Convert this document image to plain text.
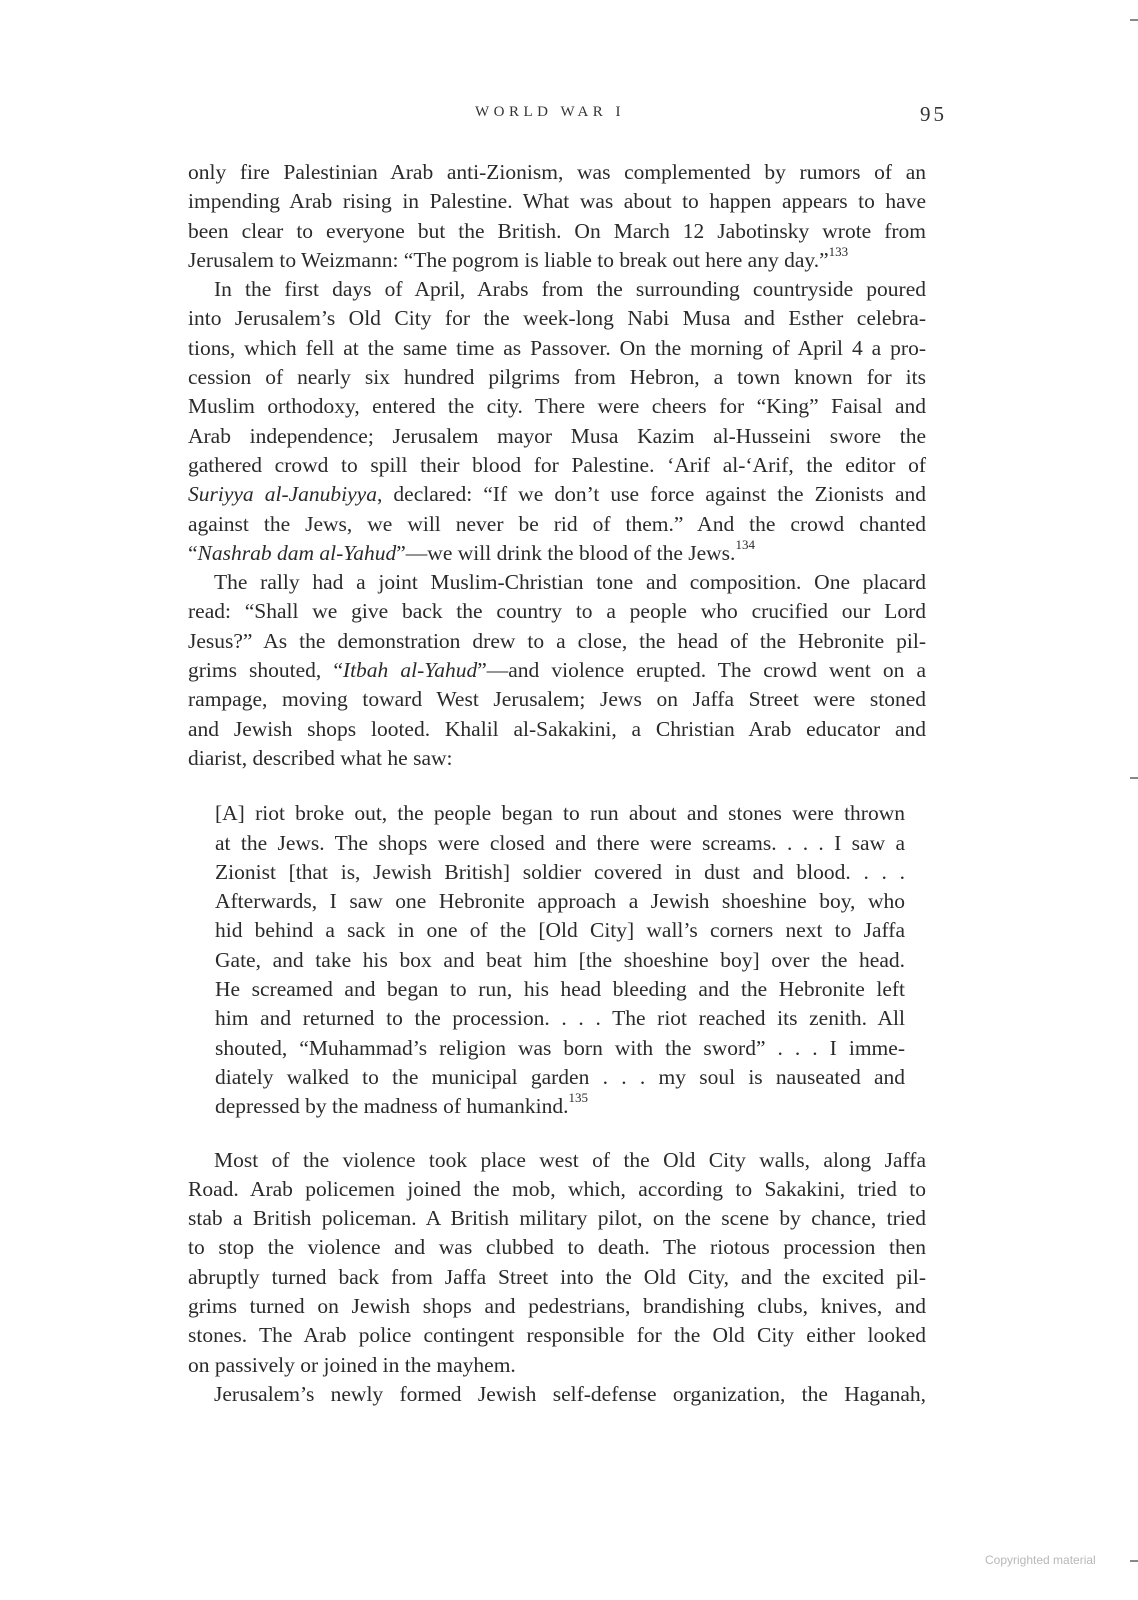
WORLD WAR I	95
only fire Palestinian Arab anti-Zionism, was complemented by rumors of an
impending Arab rising in Palestine. What was about to happen appears to have
been clear to everyone but the British. On March 12 Jabotinsky wrote from
Jerusalem to Weizmann: “The pogrom is liable to break out here any day.”$^{133}$
In the first days of April, Arabs from the surrounding countryside poured
into Jerusalem’s Old City for the week-long Nabi Musa and Esther celebra-
tions, which fell at the same time as Passover. On the morning of April 4 a pro-
cession of nearly six hundred pilgrims from Hebron, a town known for its
Muslim orthodoxy, entered the city. There were cheers for “King” Faisal and
Arab independence; Jerusalem mayor Musa Kazim al-Husseini swore the
gathered crowd to spill their blood for Palestine. ‘Arif al-‘Arif, the editor of
Suriyya al-Janubiyya, declared: “If we don’t use force against the Zionists and
against the Jews, we will never be rid of them.” And the crowd chanted
“Nashrab dam al-Yahud”—we will drink the blood of the Jews.$^{134}$
The rally had a joint Muslim-Christian tone and composition. One placard
read: “Shall we give back the country to a people who crucified our Lord
Jesus?” As the demonstration drew to a close, the head of the Hebronite pil-
grims shouted, “Itbah al-Yahud”—and violence erupted. The crowd went on a
rampage, moving toward West Jerusalem; Jews on Jaffa Street were stoned
and Jewish shops looted. Khalil al-Sakakini, a Christian Arab educator and
diarist, described what he saw:
[A] riot broke out, the people began to run about and stones were thrown
at the Jews. The shops were closed and there were screams. . . . I saw a
Zionist [that is, Jewish British] soldier covered in dust and blood. . . .
Afterwards, I saw one Hebronite approach a Jewish shoeshine boy, who
hid behind a sack in one of the [Old City] wall’s corners next to Jaffa
Gate, and take his box and beat him [the shoeshine boy] over the head.
He screamed and began to run, his head bleeding and the Hebronite left
him and returned to the procession. . . . The riot reached its zenith. All
shouted, “Muhammad’s religion was born with the sword” . . . I imme-
diately walked to the municipal garden . . . my soul is nauseated and
depressed by the madness of humankind.$^{135}$
Most of the violence took place west of the Old City walls, along Jaffa
Road. Arab policemen joined the mob, which, according to Sakakini, tried to
stab a British policeman. A British military pilot, on the scene by chance, tried
to stop the violence and was clubbed to death. The riotous procession then
abruptly turned back from Jaffa Street into the Old City, and the excited pil-
grims turned on Jewish shops and pedestrians, brandishing clubs, knives, and
stones. The Arab police contingent responsible for the Old City either looked
on passively or joined in the mayhem.
Jerusalem’s newly formed Jewish self-defense organization, the Haganah,
Copyrighted material
